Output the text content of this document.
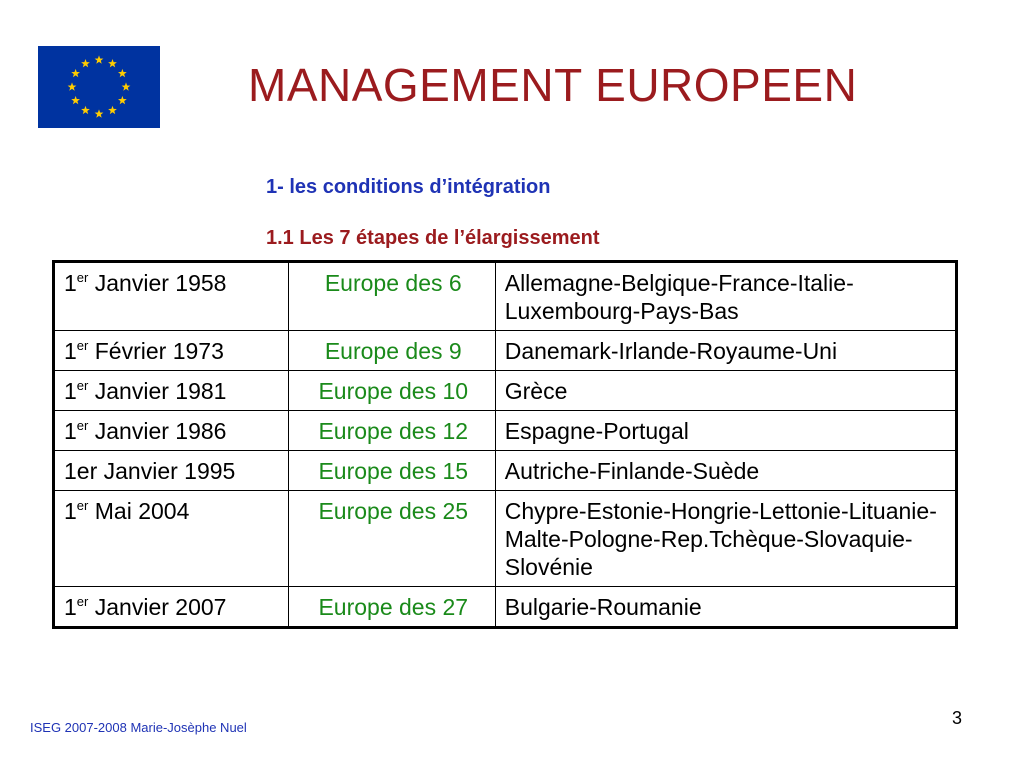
MANAGEMENT EUROPEEN
1- les conditions d’intégration
1.1 Les 7 étapes de l’élargissement
1er Janvier 1958	Europe des 6	Allemagne-Belgique-France-Italie-Luxembourg-Pays-Bas
1er Février 1973	Europe des 9	Danemark-Irlande-Royaume-Uni
1er Janvier 1981	Europe des 10	Grèce
1er Janvier 1986	Europe des 12	Espagne-Portugal
1er Janvier 1995	Europe des 15	Autriche-Finlande-Suède
1er Mai 2004	Europe des 25	Chypre-Estonie-Hongrie-Lettonie-Lituanie-Malte-Pologne-Rep.Tchèque-Slovaquie-Slovénie
1er Janvier 2007	Europe des 27	Bulgarie-Roumanie
ISEG 2007-2008 Marie-Josèphe Nuel	3
